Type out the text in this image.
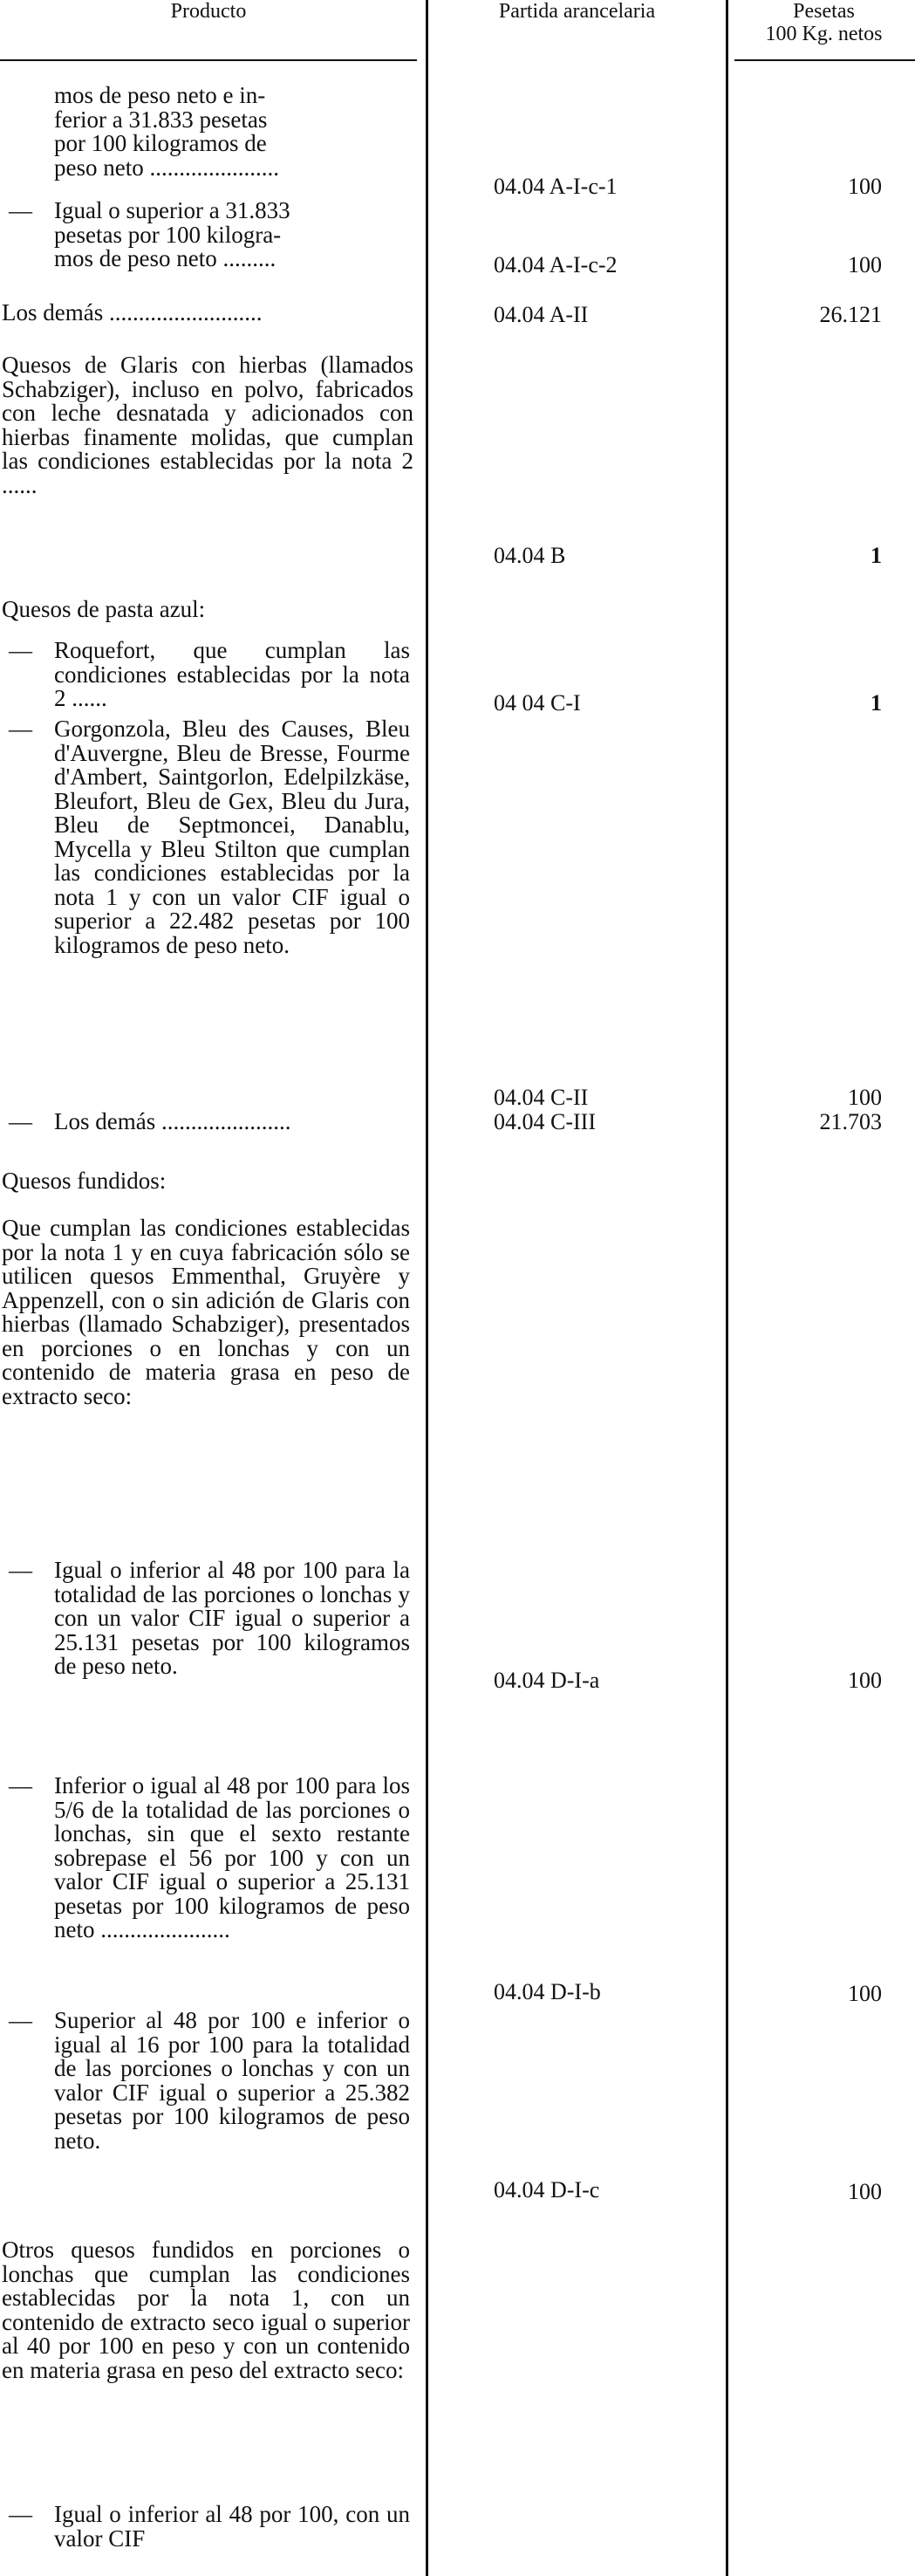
Producto	Partida arancelaria	Pesetas
100 Kg. netos
mos de peso neto e in-
ferior a 31.833 pesetas
por 100 kilogramos de
peso neto ......................
04.04 A-I-c-1	100
— Igual o superior a 31.833
pesetas por 100 kilogra-
mos de peso neto .........	04.04 A-I-c-2	100
Los demás ..........................	04.04 A-II	26.121
Quesos de Glaris con hierbas (llamados Schabziger), incluso en polvo, fabricados con leche desnatada y adicionados con hierbas finamente molidas, que cumplan las condiciones establecidas por la nota 2 ......
04.04 B	1
Quesos de pasta azul:
— Roquefort, que cumplan las condiciones establecidas por la nota 2 ......	04 04 C-I	1
— Gorgonzola, Bleu des Causes, Bleu d'Auvergne, Bleu de Bresse, Fourme d'Ambert, Saintgorlon, Edelpilzkäse, Bleufort, Bleu de Gex, Bleu du Jura, Bleu de Septmoncei, Danablu, Mycella y Bleu Stilton que cumplan las condiciones establecidas por la nota 1 y con un valor CIF igual o superior a 22.482 pesetas por 100 kilogramos de peso neto.
04.04 C-II	100
— Los demás ......................	04.04 C-III	21.703
Quesos fundidos:
Que cumplan las condiciones establecidas por la nota 1 y en cuya fabricación sólo se utilicen quesos Emmenthal, Gruyère y Appenzell, con o sin adición de Glaris con hierbas (llamado Schabziger), presentados en porciones o en lonchas y con un contenido de materia grasa en peso de extracto seco:
— Igual o inferior al 48 por 100 para la totalidad de las porciones o lonchas y con un valor CIF igual o superior a 25.131 pesetas por 100 kilogramos de peso neto.
04.04 D-I-a	100
— Inferior o igual al 48 por 100 para los 5/6 de la totalidad de las porciones o lonchas, sin que el sexto restante sobrepase el 56 por 100 y con un valor CIF igual o superior a 25.131 pesetas por 100 kilogramos de peso neto ......................
04.04 D-I-b	100
— Superior al 48 por 100 e inferior o igual al 16 por 100 para la totalidad de las porciones o lonchas y con un valor CIF igual o superior a 25.382 pesetas por 100 kilogramos de peso neto.
04.04 D-I-c	100
Otros quesos fundidos en porciones o lonchas que cumplan las condiciones establecidas por la nota 1, con un contenido de extracto seco igual o superior al 40 por 100 en peso y con un contenido en materia grasa en peso del extracto seco:
— Igual o inferior al 48 por 100, con un valor CIF
